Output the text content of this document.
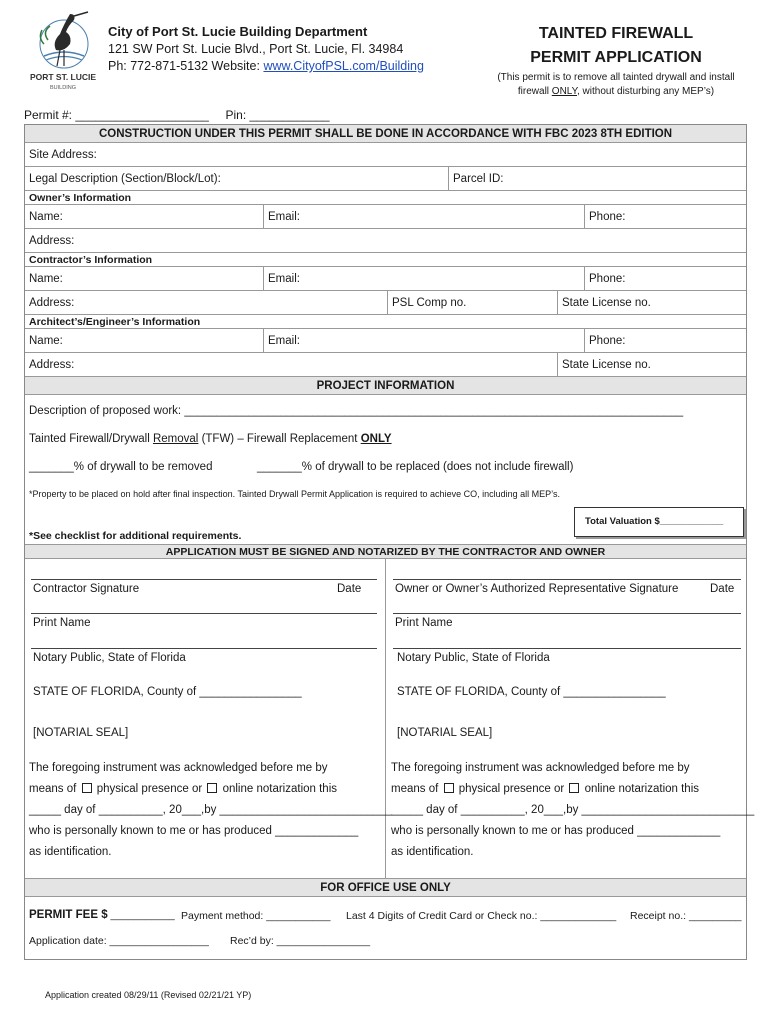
PORT ST. LUCIE
BUILDING
City of Port St. Lucie Building Department
121 SW Port St. Lucie Blvd., Port St. Lucie, Fl. 34984
Ph: 772-871-5132 Website: www.CityofPSL.com/Building
TAINTED FIREWALL
PERMIT APPLICATION
(This permit is to remove all tainted drywall and install firewall ONLY, without disturbing any MEP’s)
Permit #: ____________________ Pin: ____________
CONSTRUCTION UNDER THIS PERMIT SHALL BE DONE IN ACCORDANCE WITH FBC 2023 8TH EDITION
Site Address:
Legal Description (Section/Block/Lot):	Parcel ID:
Owner’s Information
Name:	Email:	Phone:
Address:
Contractor’s Information
Name:	Email:	Phone:
Address:	PSL Comp no.	State License no.
Architect’s/Engineer’s Information
Name:	Email:	Phone:
Address:	State License no.
PROJECT INFORMATION
Description of proposed work: ______________________________________________________________________________
Tainted Firewall/Drywall Removal (TFW) – Firewall Replacement ONLY
_______% of drywall to be removed	_______% of drywall to be replaced (does not include firewall)
*Property to be placed on hold after final inspection. Tainted Drywall Permit Application is required to achieve CO, including all MEP’s.
*See checklist for additional requirements.
Total Valuation $____________
APPLICATION MUST BE SIGNED AND NOTARIZED BY THE CONTRACTOR AND OWNER
Contractor Signature	Date
Print Name
Notary Public, State of Florida
STATE OF FLORIDA, County of ________________
[NOTARIAL SEAL]
The foregoing instrument was acknowledged before me by
means of  physical presence or  online notarization this
_____ day of __________, 20___,by ___________________________
who is personally known to me or has produced _____________
as identification.
Owner or Owner’s Authorized Representative Signature	Date
Print Name
Notary Public, State of Florida
STATE OF FLORIDA, County of ________________
[NOTARIAL SEAL]
The foregoing instrument was acknowledged before me by
means of  physical presence or  online notarization this
_____ day of __________, 20___,by ___________________________
who is personally known to me or has produced _____________
as identification.
FOR OFFICE USE ONLY
PERMIT FEE $ ___________ Payment method: ___________ Last 4 Digits of Credit Card or Check no.: _____________ Receipt no.: _________
Application date: _________________ Rec’d by: ________________
Application created 08/29/11 (Revised 02/21/21 YP)
